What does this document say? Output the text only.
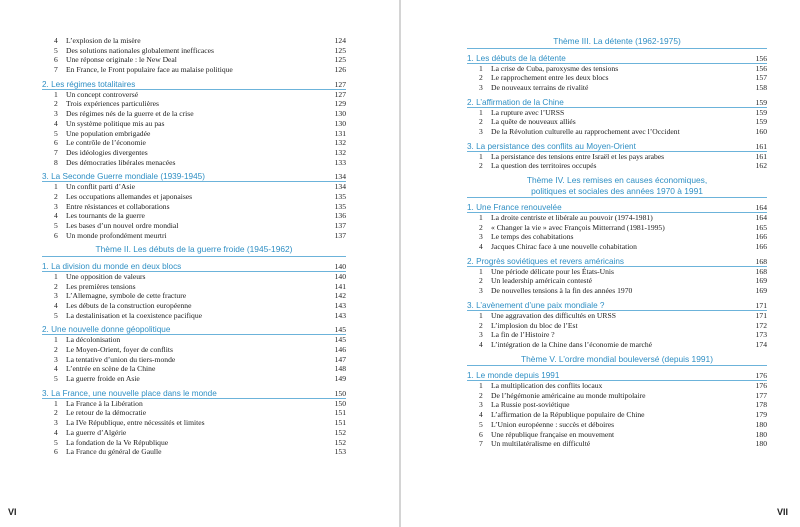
4	L’explosion de la misère	124
5	Des solutions nationales globalement inefficaces	125
6	Une réponse originale : le New Deal	125
7	En France, le Front populaire face au malaise politique	126
2. Les régimes totalitaires	127
1	Un concept controversé	127
2	Trois expériences particulières	129
3	Des régimes nés de la guerre et de la crise	130
4	Un système politique mis au pas	130
5	Une population embrigadée	131
6	Le contrôle de l’économie	132
7	Des idéologies divergentes	132
8	Des démocraties libérales menacées	133
3. La Seconde Guerre mondiale (1939-1945)	134
1	Un conflit parti d’Asie	134
2	Les occupations allemandes et japonaises	135
3	Entre résistances et collaborations	135
4	Les tournants de la guerre	136
5	Les bases d’un nouvel ordre mondial	137
6	Un monde profondément meurtri	137
Thème II. Les débuts de la guerre froide (1945-1962)
1. La division du monde en deux blocs	140
1	Une opposition de valeurs	140
2	Les premières tensions	141
3	L’Allemagne, symbole de cette fracture	142
4	Les débuts de la construction européenne	143
5	La destalinisation et la coexistence pacifique	143
2. Une nouvelle donne géopolitique	145
1	La décolonisation	145
2	Le Moyen-Orient, foyer de conflits	146
3	La tentative d’union du tiers-monde	147
4	L’entrée en scène de la Chine	148
5	La guerre froide en Asie	149
3. La France, une nouvelle place dans le monde	150
1	La France à la Libération	150
2	Le retour de la démocratie	151
3	La IVe République, entre nécessités et limites	151
4	La guerre d’Algérie	152
5	La fondation de la Ve République	152
6	La France du général de Gaulle	153
VI
Thème III. La détente (1962-1975)
1. Les débuts de la détente	156
1	La crise de Cuba, paroxysme des tensions	156
2	Le rapprochement entre les deux blocs	157
3	De nouveaux terrains de rivalité	158
2. L’affirmation de la Chine	159
1	La rupture avec l’URSS	159
2	La quête de nouveaux alliés	159
3	De la Révolution culturelle au rapprochement avec l’Occident	160
3. La persistance des conflits au Moyen-Orient	161
1	La persistance des tensions entre Israël et les pays arabes	161
2	La question des territoires occupés	162
Thème IV. Les remises en causes économiques,
politiques et sociales des années 1970 à 1991
1. Une France renouvelée	164
1	La droite centriste et libérale au pouvoir (1974-1981)	164
2	« Changer la vie » avec François Mitterrand (1981-1995)	165
3	Le temps des cohabitations	166
4	Jacques Chirac face à une nouvelle cohabitation	166
2. Progrès soviétiques et revers américains	168
1	Une période délicate pour les États-Unis	168
2	Un leadership américain contesté	169
3	De nouvelles tensions à la fin des années 1970	169
3. L’avènement d’une paix mondiale ?	171
1	Une aggravation des difficultés en URSS	171
2	L’implosion du bloc de l’Est	172
3	La fin de l’Histoire ?	173
4	L’intégration de la Chine dans l’économie de marché	174
Thème V. L’ordre mondial bouleversé (depuis 1991)
1. Le monde depuis 1991	176
1	La multiplication des conflits locaux	176
2	De l’hégémonie américaine au monde multipolaire	177
3	La Russie post-soviétique	178
4	L’affirmation de la République populaire de Chine	179
5	L’Union européenne : succès et déboires	180
6	Une république française en mouvement	180
7	Un multilatéralisme en difficulté	180
VII
